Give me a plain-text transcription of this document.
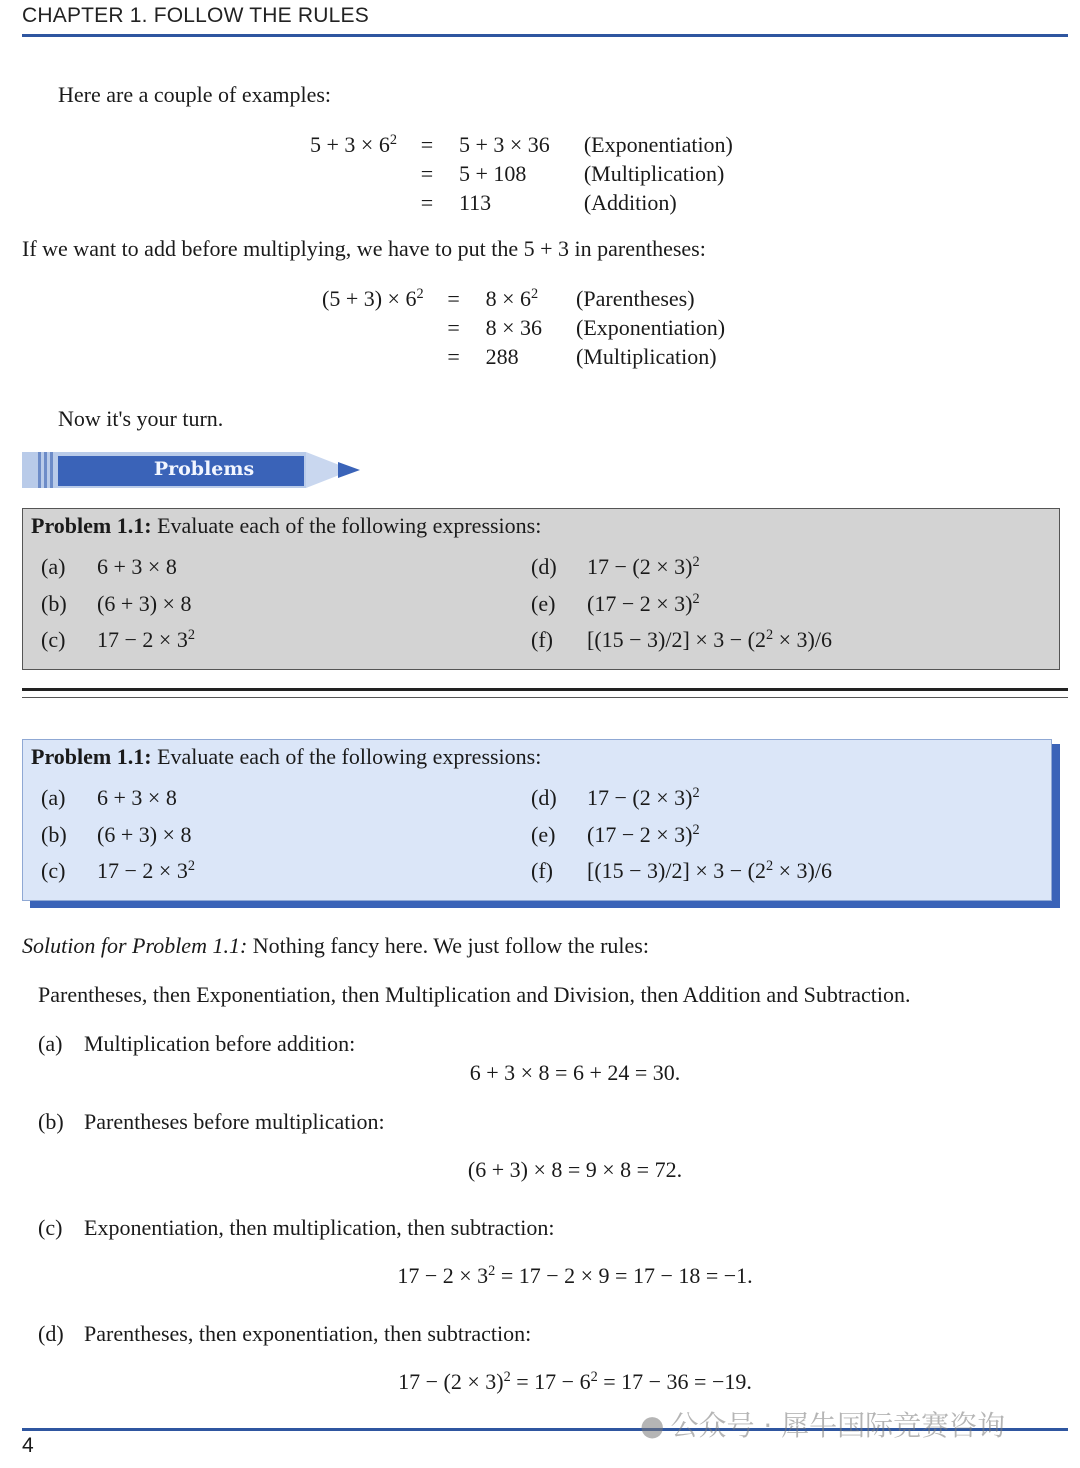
CHAPTER 1. FOLLOW THE RULES
Here are a couple of examples:
$5 + 3 \times 6^2$	=	5 + 3 × 36	(Exponentiation)
	=	5 + 108	(Multiplication)
	=	113	(Addition)
If we want to add before multiplying, we have to put the 5 + 3 in parentheses:
$(5 + 3) \times 6^2$	=	$8 \times 6^2$	(Parentheses)
	=	8 × 36	(Exponentiation)
	=	288	(Multiplication)
Now it's your turn.
Problems
Problem 1.1: Evaluate each of the following expressions:
(a) 6 + 3 × 8
(b) (6 + 3) × 8
(c) $17 - 2 \times 3^2$
(d) $17 - (2 \times 3)^2$
(e) $(17 - 2 \times 3)^2$
(f) $[(15 - 3)/2] \times 3 - (2^2 \times 3)/6$
Problem 1.1: Evaluate each of the following expressions:
(a) 6 + 3 × 8
(b) (6 + 3) × 8
(c) $17 - 2 \times 3^2$
(d) $17 - (2 \times 3)^2$
(e) $(17 - 2 \times 3)^2$
(f) $[(15 - 3)/2] \times 3 - (2^2 \times 3)/6$
Solution for Problem 1.1: Nothing fancy here. We just follow the rules:
Parentheses, then Exponentiation, then Multiplication and Division, then Addition and Subtraction.
(a) Multiplication before addition:
6 + 3 × 8 = 6 + 24 = 30.
(b) Parentheses before multiplication:
(6 + 3) × 8 = 9 × 8 = 72.
(c) Exponentiation, then multiplication, then subtraction:
$17 - 2 \times 3^2 = 17 - 2 \times 9 = 17 - 18 = -1$.
(d) Parentheses, then exponentiation, then subtraction:
$17 - (2 \times 3)^2 = 17 - 6^2 = 17 - 36 = -19$.
4
● 公众号 · 犀牛国际竞赛咨询
